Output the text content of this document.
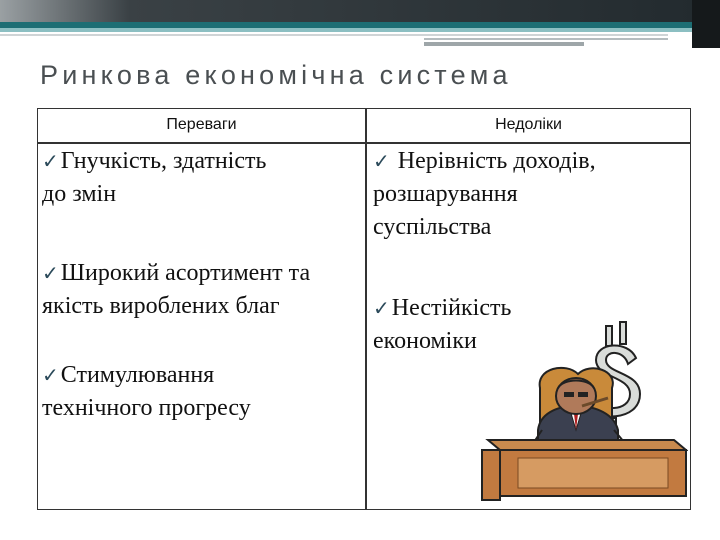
Ринкова економічна система
Переваги	Недоліки
✓Гнучкість, здатність
до змін
✓Широкий асортимент та
якість вироблених благ
✓Стимулювання
технічного прогресу
✓ Нерівність доходів,
розшарування
суспільства
✓Нестійкість
економіки
